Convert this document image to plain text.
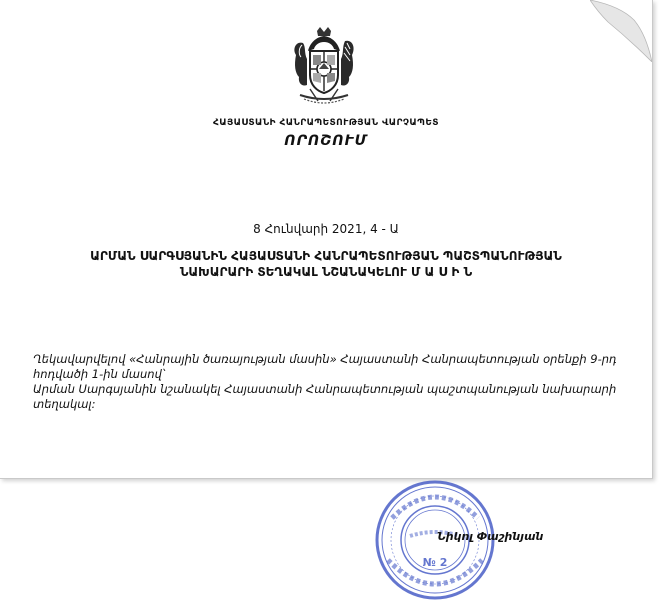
ՀԱՅԱՍՏԱՆԻ ՀԱՆՐԱՊԵՏՈՒԹՅԱՆ ՎԱՐՉԱՊԵՏ
ՈՐՈՇՈՒՄ
8 Հունվարի 2021, 4 - Ա
ԱՐՄԱՆ ՍԱՐԳՍՅԱՆԻՆ ՀԱՅԱՍՏԱՆԻ ՀԱՆՐԱՊԵՏՈՒԹՅԱՆ ՊԱՇՏՊԱՆՈՒԹՅԱՆ
ՆԱԽԱՐԱՐԻ ՏԵՂԱԿԱԼ ՆՇԱՆԱԿԵԼՈՒ Մ Ա Ս Ի Ն

Ղեկավարվելով «Հանրային ծառայության մասին» Հայաստանի Հանրապետության օրենքի 9-րդ հոդվածի 1-ին մասով՝

Արման Սարգսյանին նշանակել Հայաստանի Հանրապետության պաշտպանության նախարարի տեղակալ:

№ 2
Նիկոլ Փաշինյան
